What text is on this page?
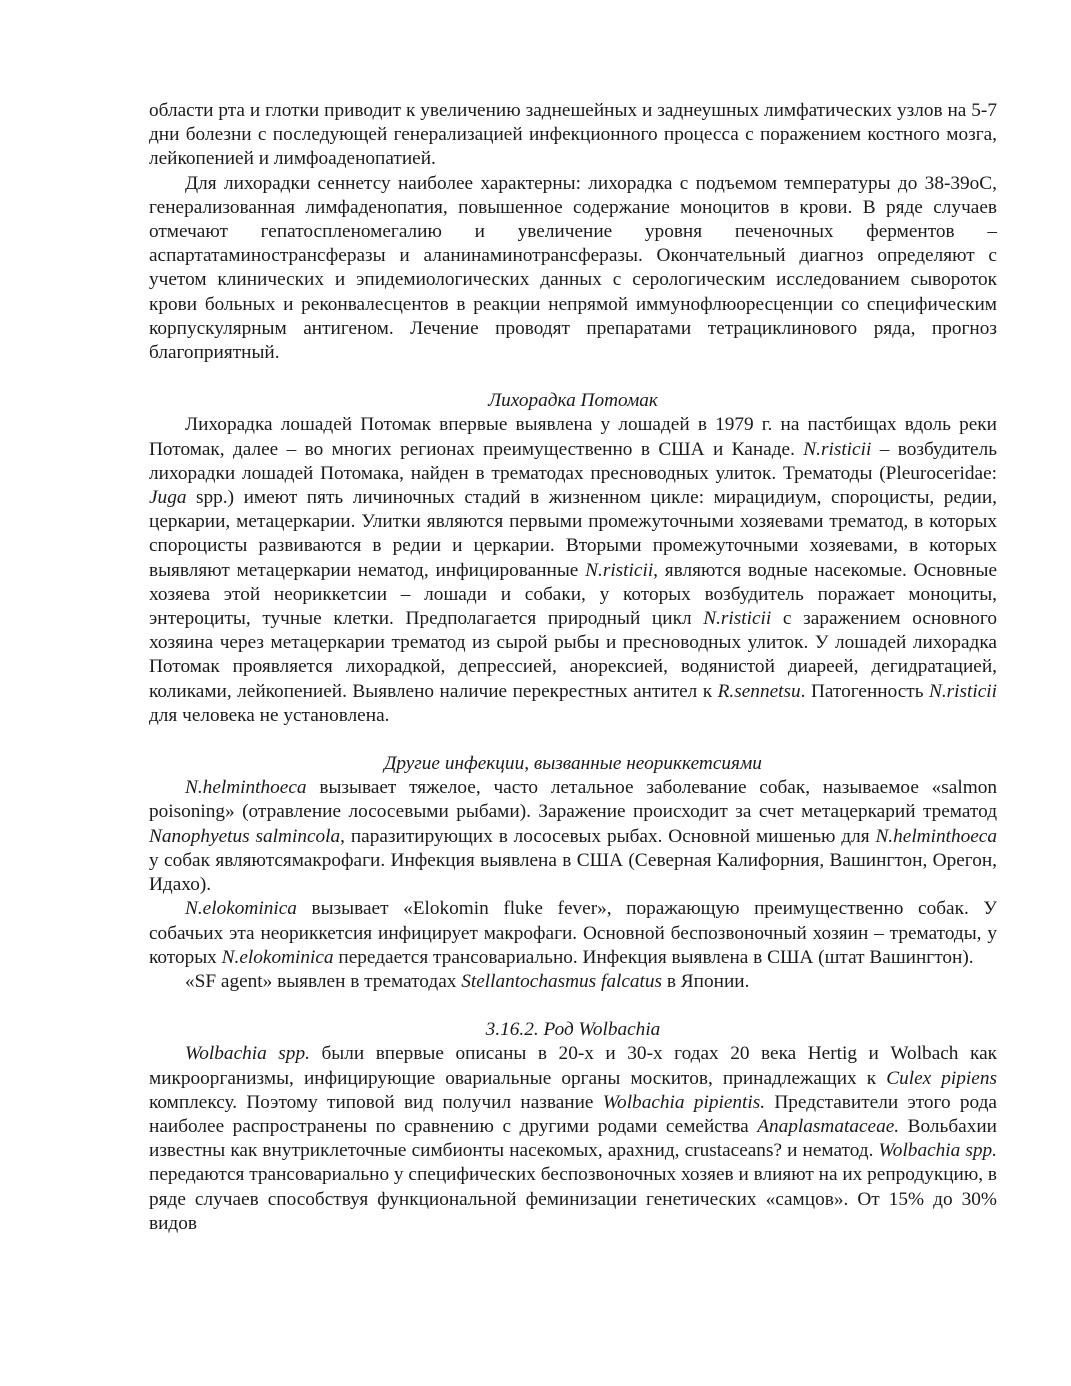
области рта и глотки приводит к увеличению заднешейных и заднеушных лимфатических узлов на 5-7 дни болезни с последующей генерализацией инфекционного процесса с поражением костного мозга, лейкопенией и лимфоаденопатией.

Для лихорадки сеннетсу наиболее характерны: лихорадка с подъемом температуры до 38-39оС, генерализованная лимфаденопатия, повышенное содержание моноцитов в крови. В ряде случаев отмечают гепатоспленомегалию и увеличение уровня печеночных ферментов – аспартатаминострансферазы и аланинаминотрансферазы. Окончательный диагноз определяют с учетом клинических и эпидемиологических данных с серологическим исследованием сывороток крови больных и реконвалесцентов в реакции непрямой иммунофлюоресценции со специфическим корпускулярным антигеном. Лечение проводят препаратами тетрациклинового ряда, прогноз благоприятный.

Лихорадка Потомак

Лихорадка лошадей Потомак впервые выявлена у лошадей в 1979 г. на пастбищах вдоль реки Потомак, далее – во многих регионах преимущественно в США и Канаде. N.risticii – возбудитель лихорадки лошадей Потомака, найден в трематодах пресноводных улиток. Трематоды (Pleuroceridae: Juga spp.) имеют пять личиночных стадий в жизненном цикле: мирацидиум, спороцисты, редии, церкарии, метацеркарии. Улитки являются первыми промежуточными хозяевами трематод, в которых спороцисты развиваются в редии и церкарии. Вторыми промежуточными хозяевами, в которых выявляют метацеркарии нематод, инфицированные N.risticii, являются водные насекомые. Основные хозяева этой неориккетсии – лошади и собаки, у которых возбудитель поражает моноциты, энтероциты, тучные клетки. Предполагается природный цикл N.risticii с заражением основного хозяина через метацеркарии трематод из сырой рыбы и пресноводных улиток. У лошадей лихорадка Потомак проявляется лихорадкой, депрессией, анорексией, водянистой диареей, дегидратацией, коликами, лейкопенией. Выявлено наличие перекрестных антител к R.sennetsu. Патогенность N.risticii для человека не установлена.

Другие инфекции, вызванные неориккетсиями

N.helminthoeca вызывает тяжелое, часто летальное заболевание собак, называемое «salmon poisoning» (отравление лососевыми рыбами). Заражение происходит за счет метацеркарий трематод Nanophyetus salmincola, паразитирующих в лососевых рыбах. Основной мишенью для N.helminthoeca у собак являютсямакрофаги. Инфекция выявлена в США (Северная Калифорния, Вашингтон, Орегон, Идахо).

N.elokominica вызывает «Elokomin fluke fever», поражающую преимущественно собак. У собачьих эта неориккетсия инфицирует макрофаги. Основной беспозвоночный хозяин – трематоды, у которых N.elokominica передается трансовариально. Инфекция выявлена в США (штат Вашингтон).

«SF agent» выявлен в трематодах Stellantochasmus falcatus в Японии.

3.16.2. Род Wolbachia

Wolbachia spp. были впервые описаны в 20-х и 30-х годах 20 века Hertig и Wolbach как микроорганизмы, инфицирующие овариальные органы москитов, принадлежащих к Culex pipiens комплексу. Поэтому типовой вид получил название Wolbachia pipientis. Представители этого рода наиболее распространены по сравнению с другими родами семейства Anaplasmataceae. Вольбахии известны как внутриклеточные симбионты насекомых, арахнид, crustaceans? и нематод. Wolbachia spp. передаются трансовариально у специфических беспозвоночных хозяев и влияют на их репродукцию, в ряде случаев способствуя функциональной феминизации генетических «самцов». От 15% до 30% видов
